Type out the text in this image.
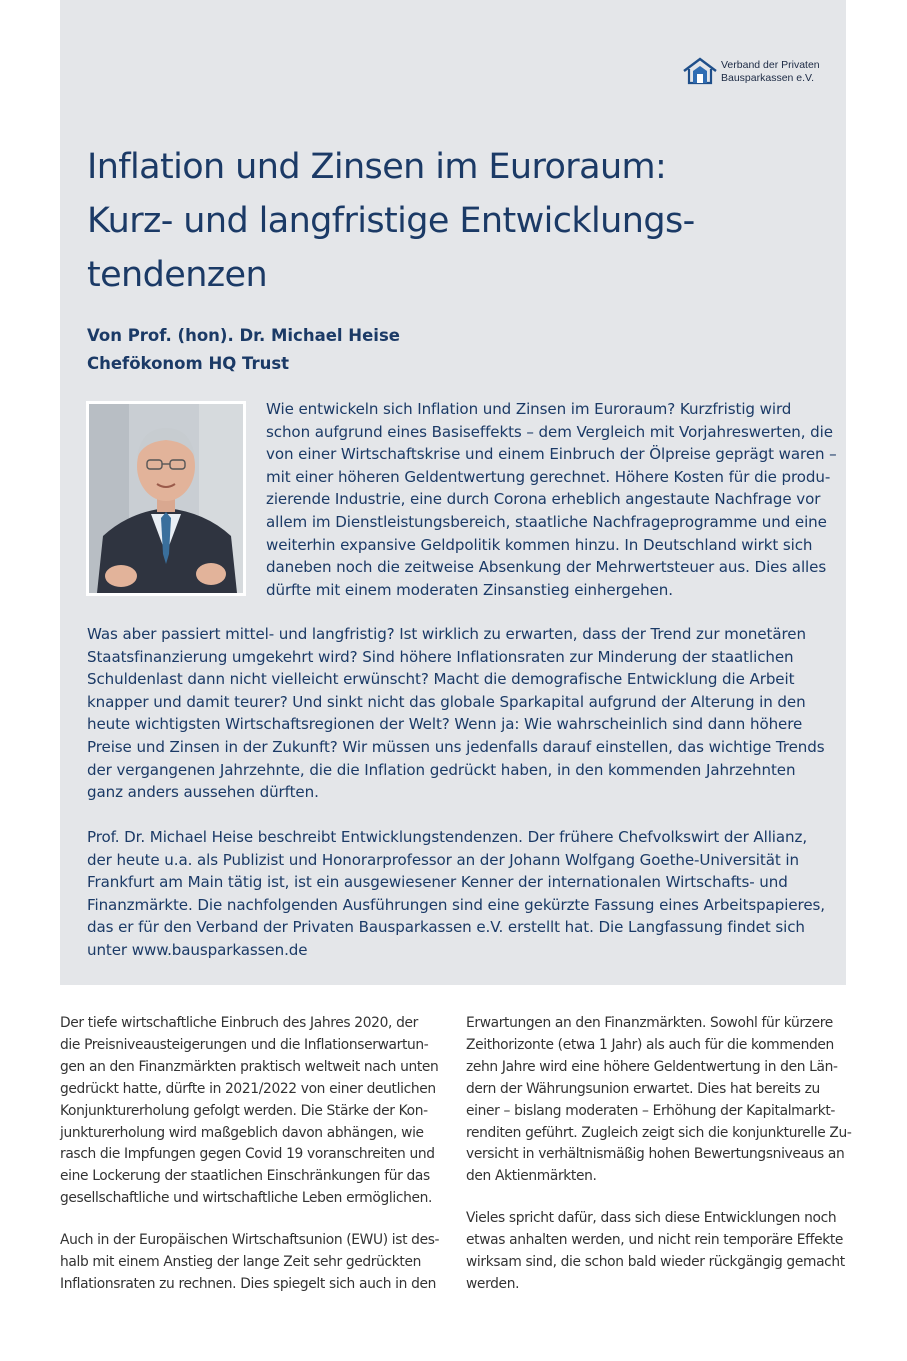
Verband der Privaten
Bausparkassen e.V.
Inflation und Zinsen im Euroraum:
Kurz- und langfristige Entwicklungs-
tendenzen
Von Prof. (hon). Dr. Michael Heise
Chefökonom HQ Trust
Wie entwickeln sich Inflation und Zinsen im Euroraum? Kurzfristig wird
schon aufgrund eines Basiseffekts – dem Vergleich mit Vorjahreswerten, die
von einer Wirtschaftskrise und einem Einbruch der Ölpreise geprägt waren –
mit einer höheren Geldentwertung gerechnet. Höhere Kosten für die produ-
zierende Industrie, eine durch Corona erheblich angestaute Nachfrage vor
allem im Dienstleistungsbereich, staatliche Nachfrageprogramme und eine
weiterhin expansive Geldpolitik kommen hinzu. In Deutschland wirkt sich
daneben noch die zeitweise Absenkung der Mehrwertsteuer aus. Dies alles
dürfte mit einem moderaten Zinsanstieg einhergehen.
Was aber passiert mittel- und langfristig? Ist wirklich zu erwarten, dass der Trend zur monetären
Staatsfinanzierung umgekehrt wird? Sind höhere Inflationsraten zur Minderung der staatlichen
Schuldenlast dann nicht vielleicht erwünscht? Macht die demografische Entwicklung die Arbeit
knapper und damit teurer? Und sinkt nicht das globale Sparkapital aufgrund der Alterung in den
heute wichtigsten Wirtschaftsregionen der Welt? Wenn ja: Wie wahrscheinlich sind dann höhere
Preise und Zinsen in der Zukunft? Wir müssen uns jedenfalls darauf einstellen, das wichtige Trends
der vergangenen Jahrzehnte, die die Inflation gedrückt haben, in den kommenden Jahrzehnten
ganz anders aussehen dürften.
Prof. Dr. Michael Heise beschreibt Entwicklungstendenzen. Der frühere Chefvolkswirt der Allianz,
der heute u.a. als Publizist und Honorarprofessor an der Johann Wolfgang Goethe-Universität in
Frankfurt am Main tätig ist, ist ein ausgewiesener Kenner der internationalen Wirtschafts- und
Finanzmärkte. Die nachfolgenden Ausführungen sind eine gekürzte Fassung eines Arbeitspapieres,
das er für den Verband der Privaten Bausparkassen e.V. erstellt hat. Die Langfassung findet sich
unter www.bausparkassen.de
Der tiefe wirtschaftliche Einbruch des Jahres 2020, der
die Preisniveausteigerungen und die Inflationserwartun-
gen an den Finanzmärkten praktisch weltweit nach unten
gedrückt hatte, dürfte in 2021/2022 von einer deutlichen
Konjunkturerholung gefolgt werden. Die Stärke der Kon-
junkturerholung wird maßgeblich davon abhängen, wie
rasch die Impfungen gegen Covid 19 voranschreiten und
eine Lockerung der staatlichen Einschränkungen für das
gesellschaftliche und wirtschaftliche Leben ermöglichen.
Auch in der Europäischen Wirtschaftsunion (EWU) ist des-
halb mit einem Anstieg der lange Zeit sehr gedrückten
Inflationsraten zu rechnen. Dies spiegelt sich auch in den
Erwartungen an den Finanzmärkten. Sowohl für kürzere
Zeithorizonte (etwa 1 Jahr) als auch für die kommenden
zehn Jahre wird eine höhere Geldentwertung in den Län-
dern der Währungsunion erwartet. Dies hat bereits zu
einer – bislang moderaten – Erhöhung der Kapitalmarkt-
renditen geführt. Zugleich zeigt sich die konjunkturelle Zu-
versicht in verhältnismäßig hohen Bewertungsniveaus an
den Aktienmärkten.
Vieles spricht dafür, dass sich diese Entwicklungen noch
etwas anhalten werden, und nicht rein temporäre Effekte
wirksam sind, die schon bald wieder rückgängig gemacht
werden.
